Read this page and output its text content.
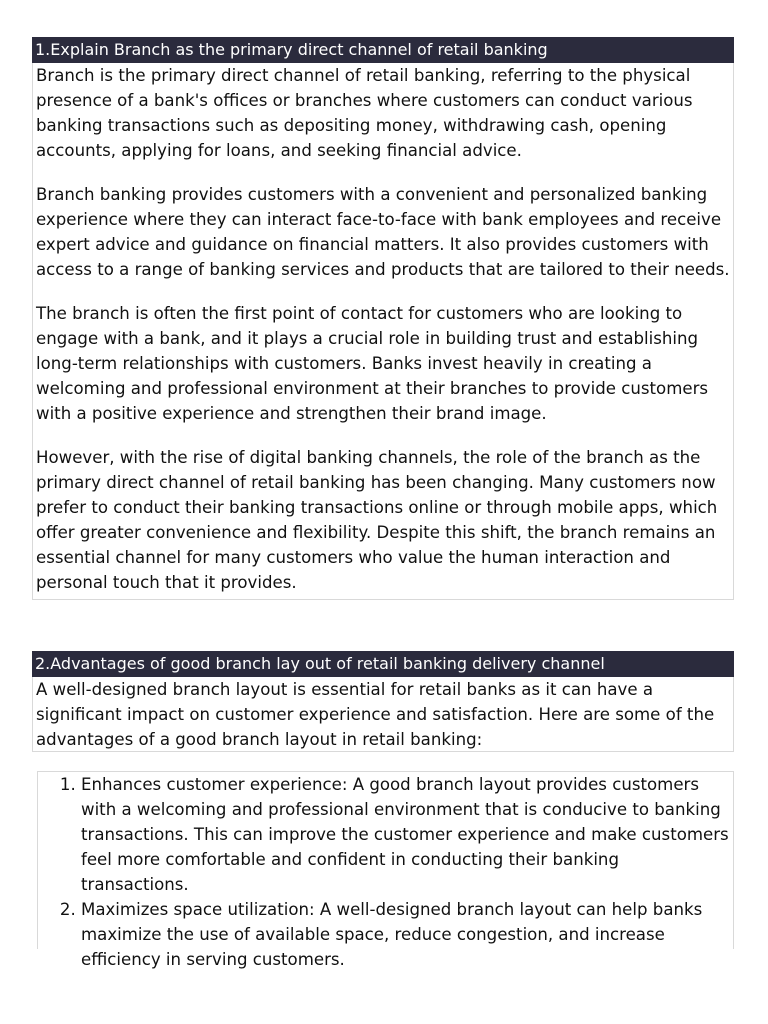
1.Explain Branch as the primary direct channel of retail banking

Branch is the primary direct channel of retail banking, referring to the physical presence of a bank's offices or branches where customers can conduct various banking transactions such as depositing money, withdrawing cash, opening accounts, applying for loans, and seeking financial advice.

Branch banking provides customers with a convenient and personalized banking experience where they can interact face-to-face with bank employees and receive expert advice and guidance on financial matters. It also provides customers with access to a range of banking services and products that are tailored to their needs.

The branch is often the first point of contact for customers who are looking to engage with a bank, and it plays a crucial role in building trust and establishing long-term relationships with customers. Banks invest heavily in creating a welcoming and professional environment at their branches to provide customers with a positive experience and strengthen their brand image.

However, with the rise of digital banking channels, the role of the branch as the primary direct channel of retail banking has been changing. Many customers now prefer to conduct their banking transactions online or through mobile apps, which offer greater convenience and flexibility. Despite this shift, the branch remains an essential channel for many customers who value the human interaction and personal touch that it provides.

2.Advantages of good branch lay out of retail banking delivery channel

A well-designed branch layout is essential for retail banks as it can have a significant impact on customer experience and satisfaction. Here are some of the advantages of a good branch layout in retail banking:

1. Enhances customer experience: A good branch layout provides customers with a welcoming and professional environment that is conducive to banking transactions. This can improve the customer experience and make customers feel more comfortable and confident in conducting their banking transactions.
2. Maximizes space utilization: A well-designed branch layout can help banks maximize the use of available space, reduce congestion, and increase efficiency in serving customers.
